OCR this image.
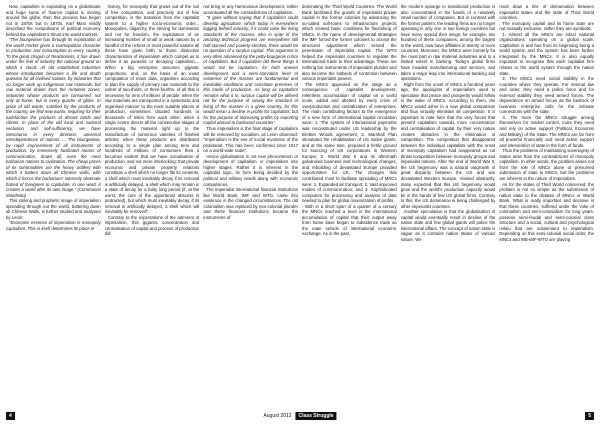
Now, capitalism is expanding on a globalscale and huge sums of finance capital is moving around the globe, then this process has begun not in 1970s but in 1870s. Karl Marx vividly described the compulsions of political economy behind the capitalism's thrust into world markets.

"The bourgeoisie has through its exploitation of the world market given a cosmopolitan character to production and consumption in every country. To the great chagrin of Reactionists, it has drawn under the feet of industry the national ground on which it stood. All old established industries whose introduction becomes a life and death question for all civilised nations, by industries that no longer work up indigenous raw materials, but raw material drawn from the remotest zones; industries whose products are consumed, not only at home, but in every quarter of globe. In place of old wants, satisfied by the products of the country, we find new wants, requiring for their satisfaction the products of distant lands and climes. In place of the old local and national seclusion and self-sufficiency, we have intercourse in every direction, universal interdependence of nations. ... The bourgeoisie, by rapid improvement of all instruments of production, by immensely facilitated means of communication, draws all, even the most barbarian nations to civilization. The cheap prices of its commodities are the heavy artillery with which it batters down all Chinese walls, with which it forces the barbarians' intensely obstinate hatred of foreigners to capitulate. In one word, it creates a world after its own image." (Communist Manifesto)

This striking and prophetic image of imperialism spreading through out the world, battering down all Chinese Walls, is further studied and analysed by Lenin:

"Economic essence of imperialism is monopoly capitalism. This in itself determines its place in

history, for monopoly that grows out of the soil of free competition, and precisely out of free competition, is the transition from the capitalist system to a higher socio-economic order... Monopolies, oligarchy, the striving for domination and not for freedom, the exploitation of an increasing number of small or weak nations by a handful of the richest or most powerful nations all these have given birth to those distinctive characteristics of imperialism which compel us to define it as parasitic or decaying capitalism.... When a big enterprise assumes gigantic proportions, and, on the basis of an exact computation of mass data, organises according to plan the supply of primary raw materials to the extent of two-thirds, or three-fourths, of all that is necessary for tens of millions of people; when the raw materials are transported in a systematic and organised manner to the most suitable places of production, sometimes situated hundreds or thousands of miles from each other; when a single centre directs all the consecutive stages of processing the material right up to the manufacture of numerous varieties of finished articles; when these products are distributed according to a single plan among tens and hundreds of millions of consumers then it becomes evident that we have socialisation of production, and not mere interlocking; that private economic and private property relations constitute a shell which no longer fits its contents, a shell which must inevitably decay if its removal is artificially delayed, a shell which may remain in a state of decay for a fairly long period (if, at the worst, the cure of the opportunist abscess is protracted), but which must inevitably decay, if its removal is artificially delayed, a shell which will inevitably be removed".

Contrary to the expectations of the admirers of imperialism, this gigantic concentration and centralisation of capital and process of production did

not bring in any harmonious development, rather accentuated all the contradictions of capitalism.

"It goes without saying that if capitalism could develop agriculture, which today is everywhere lagging behind industry, if it could raise the living standards of the masses, who in spite of the amazing technical progress are everywhere still half-starved and poverty-stricken, there would be no question of a surplus capital. This argument is very often advanced by the petty-bourgeois critics of capitalism. But if capitalism did these things it would not be capitalism; for both uneven development and a semi-starvation level of existence of the masses are fundamental and inevitable conditions and constitute premises of this mode of production. As long as capitalism remains what it is, surplus capital will be utilised not for the purpose of raising the standard of living of the masses in a given country, for this would mean a decline in profits for capitalists; but for the purpose of increasing profits by exporting capital abroad to backward countries".

Thus imperialism is the final stage of capitalism will be removed by socialism, as Lenin observed: "Imperialism is the eve of social revolution of the proletariat. This has been confirmed since 1917 on a world-wide scale".

Hence globalisation is not new phenomenon or development of capitalism or imperialism into higher stages. Rather it is inherent in the capitalist logic, its form being decided by the political and military needs along with economic compulsions.

The imperialist international financial institutions like World Bank, IMF and WTO, came into existence in the changed circumstances. The old colonialism was replaced by neo-colonial plunder and these financial institutions became the instruments of

dominating the Third World Countries. The World Bank facilitated the growth of imperialist private capital in the former colonies by advancing the so-called soft-loans to infrastructure projects which created basic conditions for flourishing of MNCs. In the name of developmental strategies the IMF forced the former colonies to accept the structural adjustment which served the penetration of imperialist capital. The WTO helped the imperialist countries to regulate the international trade to their advantage. These are nothing but instruments of imperialist plunder and also become the hotbeds of contention between various imperialist powers.

The MNCs appeared on the stage as a consequence of capitalist development, relentless accumulation of capital on a world scale, added and abetted by every crisis of overproduction and centralization of enterprises. The main contributing factors to the emergence of a new form of international capital circulation were: 1. The system of international payments was reconstituted under US leadership by the Bretton Woods agreement; 2. Marshall Plan stimulated the rehabilitation of US native giants, and at the same time, prepared a fertile ground for sourcing of US corporations in Western Europe; 3. World War II and its aftermath galvanised business and technological changes, and rebuilding of devastated Europe provided opportunities for US. The changes that contributed most to facilitate spreading of MNCs were: 1. Expanded air transport; 2. Vast improved modes of communication; and 3. Sophisticated computers for processing and analysis of data needed to plan for global maximization of profits.

With in a short span of a quarter of a century the MNCs reached a level in the international accumulation of capital that their output away from home base began to subsidence trade as the main vehicle of international economic exchange. As in the past,

the modern upsurge in transitional production is also concentrated in the hands of a relatively small number of companies. But in contrast with the former pattern, the leading firms are no longer operating in only one or two foreign countries but have many spread their wings: for example, two hundred of these companies, among the largest in the world, now have affiliates in twenty or more countries. Moreover, the MNCs were formerly for the most part in raw material industries and to a limited extent in banking. Today's global firms have invaded manufacturing and services, and taken a major leap into international banking and operations.

Right from the onset of MNCs a hundred years ago, the apologists of imperialism used to speculate that peace and prosperity would follow in the wake of MNCs. According to them, the MNCs would usher in a new global comparison and thus virtually eliminate all competition. It is important to note here that the very forces that present capitalism towards more concentration and centralisation of capital, by their very nature creates obstacles in the elimination of competition. The competition that disappeared between the individual capitalists with the onset of monopoly capitalism had reappeared as cut throat competition between monopoly groups and imperialist nations. After the end of World War II, the US hegemony was a natural outgrowth of great disparity between the US and war devastated Western Europe. Viewed abstractly, many expected that this US hegemony would grow and the world's production capacity would be in the hands of few US global firms. Contrary to this, the US dominance is being challenged by other imperialist countries.

Another speculation is that the globalisation of capital would eventually result in decline of the nation state and few global giants will police the international affairs. The concept of nation state is vague as it contains nation states of various nature. We

must draw a line of demarcation between imperialist states and the state of Third World countries.

The monopoly capital and its home state are not mutually exclusive, rather they are symbiotic.

1. Almost all the MNCs are infact national organizations operating on a global scale. Capitalism is and has from its beginning being a world system and the system has been further integrated by the MNCs. It is also equally important to recognise that each capitalist firm relates to the world system through the nation state.

2. The MNCs need social stability in the countries where they operate. For internal law and order, they need a police force and for external stability they need armed forces. The dependence on armed forces as the bedrock of business enterprise calls for the intimate connections with the state.

3. The more the MNCs struggle among themselves for market control, more they need and rely on active support (Political, Economic and Military) of the State. The MNCs are far from all powerful financially and need active support and intervention of state in the form of funds.

Thus the problems of maintaining sovereignty of states arise from the contradictions of monopoly capitalism. In other words, the problem arises not from the role of MNCs alone or presumed submission of state to MNCs, but the problems are inherent in the nature of imperialism.

As for the states of Third World concerned, the problem is not so simple as the submission of nation state to the dictates of MNCs or World Bank. What is really important and decisive is that these countries, suffered under the voke of colonialism and semi-colonialism for long years, possess semi-feudal and semi-colonial class structure and a social, cultural and psychological milieu that are subservient to imperialism. Depending on this semi-colonial social order, the MNCs and WB-IMF-WTO are playing

4	August 2012	Class Struggle	5
